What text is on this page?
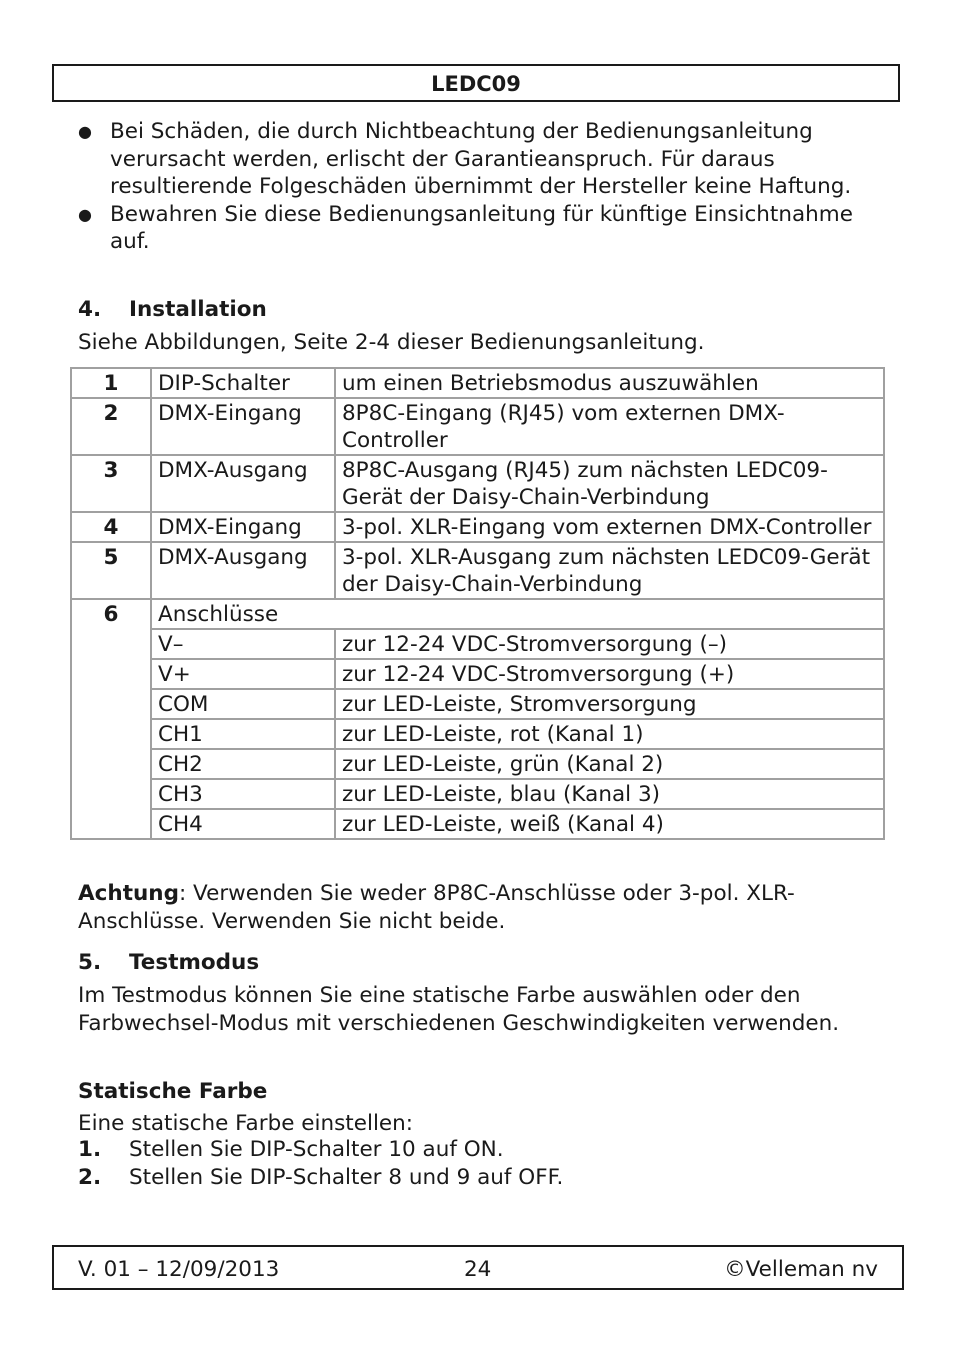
LEDC09
● Bei Schäden, die durch Nichtbeachtung der Bedienungsanleitung verursacht werden, erlischt der Garantieanspruch. Für daraus resultierende Folgeschäden übernimmt der Hersteller keine Haftung.
● Bewahren Sie diese Bedienungsanleitung für künftige Einsichtnahme auf.
4. Installation
Siehe Abbildungen, Seite 2-4 dieser Bedienungsanleitung.
1	DIP-Schalter	um einen Betriebsmodus auszuwählen
2	DMX-Eingang	8P8C-Eingang (RJ45) vom externen DMX-Controller
3	DMX-Ausgang	8P8C-Ausgang (RJ45) zum nächsten LEDC09-Gerät der Daisy-Chain-Verbindung
4	DMX-Eingang	3-pol. XLR-Eingang vom externen DMX-Controller
5	DMX-Ausgang	3-pol. XLR-Ausgang zum nächsten LEDC09-Gerät der Daisy-Chain-Verbindung
6	Anschlüsse	
	V–	zur 12-24 VDC-Stromversorgung (–)
	V+	zur 12-24 VDC-Stromversorgung (+)
	COM	zur LED-Leiste, Stromversorgung
	CH1	zur LED-Leiste, rot (Kanal 1)
	CH2	zur LED-Leiste, grün (Kanal 2)
	CH3	zur LED-Leiste, blau (Kanal 3)
	CH4	zur LED-Leiste, weiß (Kanal 4)
Achtung: Verwenden Sie weder 8P8C-Anschlüsse oder 3-pol. XLR-Anschlüsse. Verwenden Sie nicht beide.
5. Testmodus
Im Testmodus können Sie eine statische Farbe auswählen oder den Farbwechsel-Modus mit verschiedenen Geschwindigkeiten verwenden.
Statische Farbe
Eine statische Farbe einstellen:
1. Stellen Sie DIP-Schalter 10 auf ON.
2. Stellen Sie DIP-Schalter 8 und 9 auf OFF.
V. 01 – 12/09/2013	24	©Velleman nv
